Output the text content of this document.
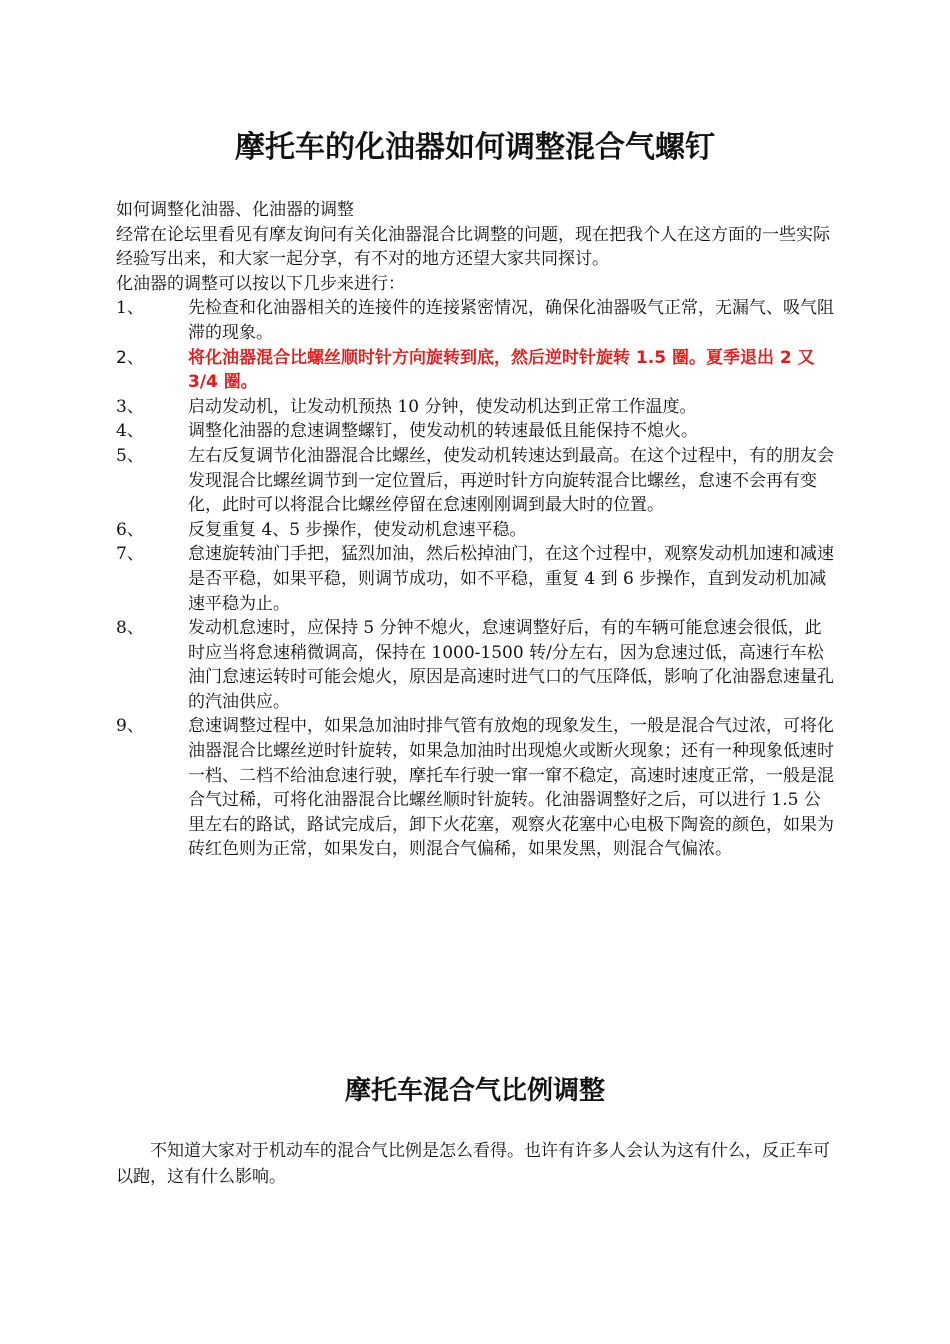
摩托车的化油器如何调整混合气螺钉
如何调整化油器、化油器的调整
经常在论坛里看见有摩友询问有关化油器混合比调整的问题，现在把我个人在这方面的一些实际经验写出来，和大家一起分享，有不对的地方还望大家共同探讨。
化油器的调整可以按以下几步来进行：
1、	先检查和化油器相关的连接件的连接紧密情况，确保化油器吸气正常，无漏气、吸气阻滞的现象。
2、	将化油器混合比螺丝顺时针方向旋转到底，然后逆时针旋转 1.5 圈。夏季退出 2 又 3/4 圈。
3、	启动发动机，让发动机预热 10 分钟，使发动机达到正常工作温度。
4、	调整化油器的怠速调整螺钉，使发动机的转速最低且能保持不熄火。
5、	左右反复调节化油器混合比螺丝，使发动机转速达到最高。在这个过程中，有的朋友会发现混合比螺丝调节到一定位置后，再逆时针方向旋转混合比螺丝，怠速不会再有变化，此时可以将混合比螺丝停留在怠速刚刚调到最大时的位置。
6、	反复重复 4、5 步操作，使发动机怠速平稳。
7、	怠速旋转油门手把，猛烈加油，然后松掉油门，在这个过程中，观察发动机加速和减速是否平稳，如果平稳，则调节成功，如不平稳，重复 4 到 6 步操作，直到发动机加减速平稳为止。
8、	发动机怠速时，应保持 5 分钟不熄火，怠速调整好后，有的车辆可能怠速会很低，此时应当将怠速稍微调高，保持在 1000-1500 转/分左右，因为怠速过低，高速行车松油门怠速运转时可能会熄火，原因是高速时进气口的气压降低，影响了化油器怠速量孔的汽油供应。
9、	怠速调整过程中，如果急加油时排气管有放炮的现象发生，一般是混合气过浓，可将化油器混合比螺丝逆时针旋转，如果急加油时出现熄火或断火现象；还有一种现象低速时一档、二档不给油怠速行驶，摩托车行驶一窜一窜不稳定，高速时速度正常，一般是混合气过稀，可将化油器混合比螺丝顺时针旋转。化油器调整好之后，可以进行 1.5 公里左右的路试，路试完成后，卸下火花塞，观察火花塞中心电极下陶瓷的颜色，如果为砖红色则为正常，如果发白，则混合气偏稀，如果发黑，则混合气偏浓。
摩托车混合气比例调整
不知道大家对于机动车的混合气比例是怎么看得。也许有许多人会认为这有什么，反正车可以跑，这有什么影响。
